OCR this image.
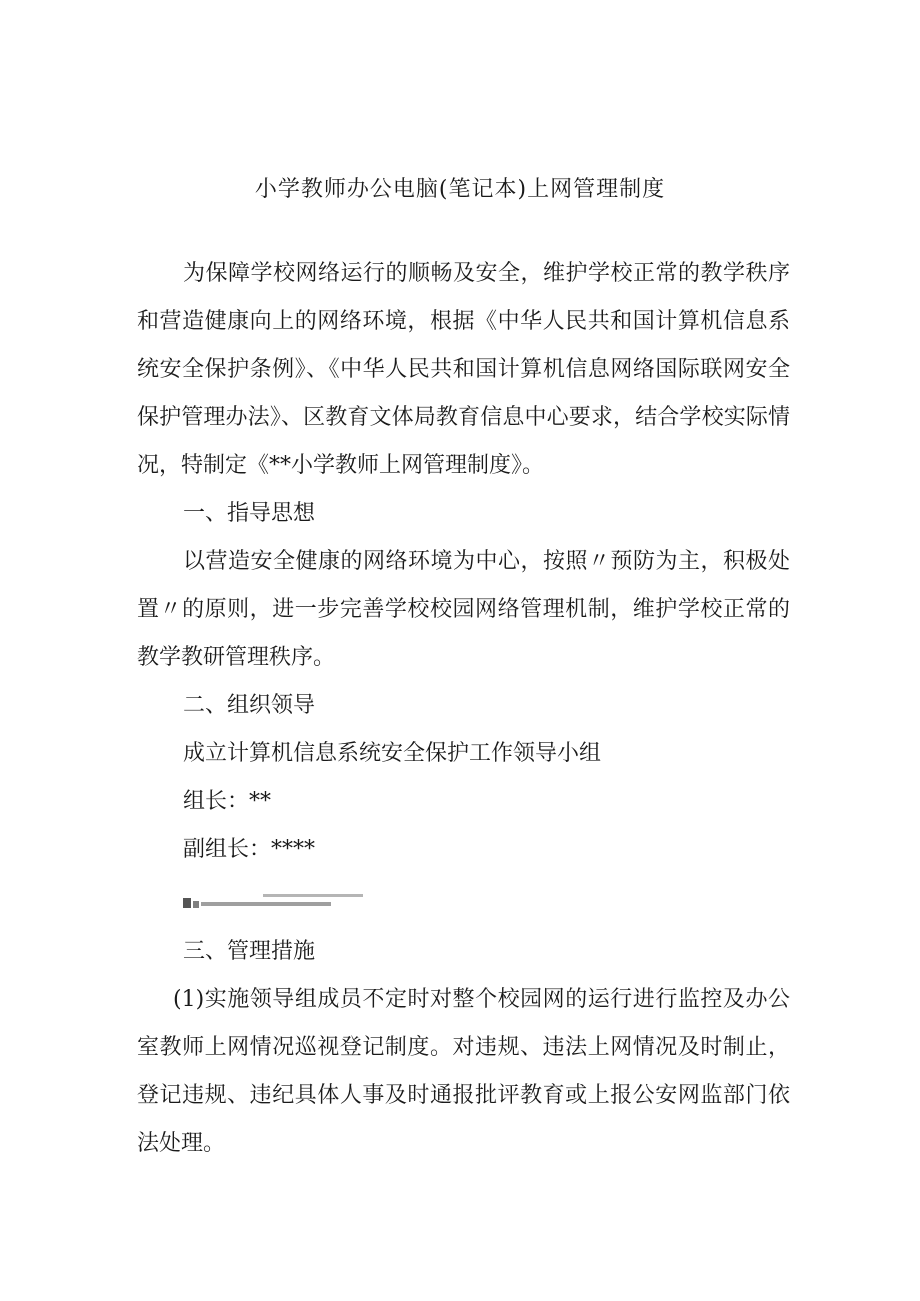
小学教师办公电脑(笔记本)上网管理制度

为保障学校网络运行的顺畅及安全，维护学校正常的教学秩序和营造健康向上的网络环境，根据《中华人民共和国计算机信息系统安全保护条例》、《中华人民共和国计算机信息网络国际联网安全保护管理办法》、区教育文体局教育信息中心要求，结合学校实际情况，特制定《**小学教师上网管理制度》。

一、指导思想

以营造安全健康的网络环境为中心，按照〃预防为主，积极处置〃的原则，进一步完善学校校园网络管理机制，维护学校正常的教学教研管理秩序。

二、组织领导
成立计算机信息系统安全保护工作领导小组
组长：**
副组长：****
三、管理措施

(1)实施领导组成员不定时对整个校园网的运行进行监控及办公室教师上网情况巡视登记制度。对违规、违法上网情况及时制止，登记违规、违纪具体人事及时通报批评教育或上报公安网监部门依法处理。
